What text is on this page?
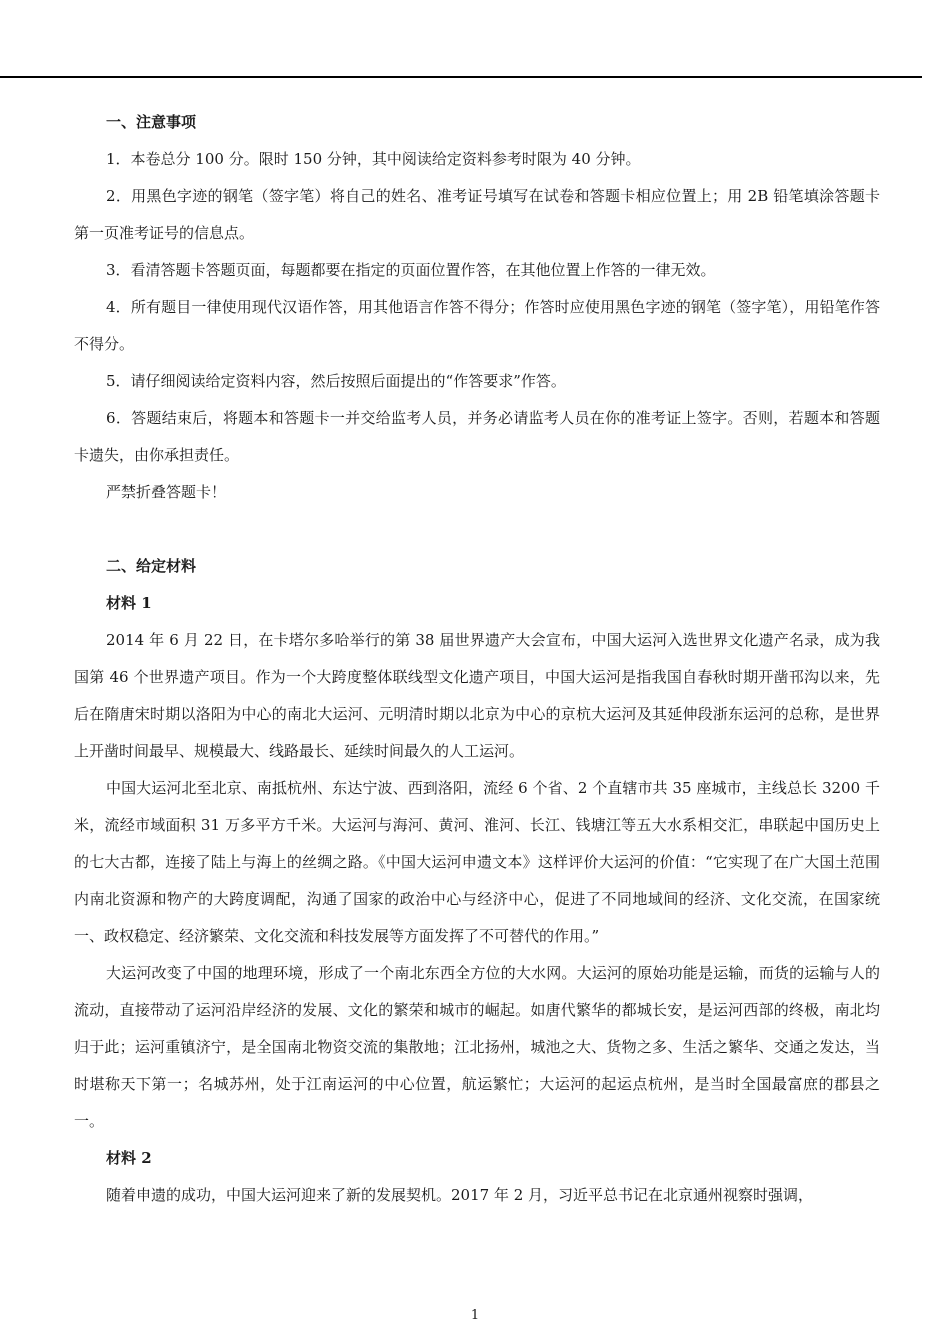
一、注意事项

1．本卷总分 100 分。限时 150 分钟，其中阅读给定资料参考时限为 40 分钟。

2．用黑色字迹的钢笔（签字笔）将自己的姓名、准考证号填写在试卷和答题卡相应位置上；用 2B 铅笔填涂答题卡第一页准考证号的信息点。

3．看清答题卡答题页面，每题都要在指定的页面位置作答，在其他位置上作答的一律无效。

4．所有题目一律使用现代汉语作答，用其他语言作答不得分；作答时应使用黑色字迹的钢笔（签字笔），用铅笔作答不得分。

5．请仔细阅读给定资料内容，然后按照后面提出的“作答要求”作答。

6．答题结束后，将题本和答题卡一并交给监考人员，并务必请监考人员在你的准考证上签字。否则，若题本和答题卡遗失，由你承担责任。

严禁折叠答题卡！

二、给定材料

材料 1

2014 年 6 月 22 日，在卡塔尔多哈举行的第 38 届世界遗产大会宣布，中国大运河入选世界文化遗产名录，成为我国第 46 个世界遗产项目。作为一个大跨度整体联线型文化遗产项目，中国大运河是指我国自春秋时期开凿邗沟以来，先后在隋唐宋时期以洛阳为中心的南北大运河、元明清时期以北京为中心的京杭大运河及其延伸段浙东运河的总称，是世界上开凿时间最早、规模最大、线路最长、延续时间最久的人工运河。

中国大运河北至北京、南抵杭州、东达宁波、西到洛阳，流经 6 个省、2 个直辖市共 35 座城市，主线总长 3200 千米，流经市域面积 31 万多平方千米。大运河与海河、黄河、淮河、长江、钱塘江等五大水系相交汇，串联起中国历史上的七大古都，连接了陆上与海上的丝绸之路。《中国大运河申遗文本》这样评价大运河的价值：“它实现了在广大国土范围内南北资源和物产的大跨度调配，沟通了国家的政治中心与经济中心，促进了不同地域间的经济、文化交流，在国家统一、政权稳定、经济繁荣、文化交流和科技发展等方面发挥了不可替代的作用。”

大运河改变了中国的地理环境，形成了一个南北东西全方位的大水网。大运河的原始功能是运输，而货的运输与人的流动，直接带动了运河沿岸经济的发展、文化的繁荣和城市的崛起。如唐代繁华的都城长安，是运河西部的终极，南北均归于此；运河重镇济宁，是全国南北物资交流的集散地；江北扬州，城池之大、货物之多、生活之繁华、交通之发达，当时堪称天下第一；名城苏州，处于江南运河的中心位置，航运繁忙；大运河的起运点杭州，是当时全国最富庶的郡县之一。

材料 2

随着申遗的成功，中国大运河迎来了新的发展契机。2017 年 2 月，习近平总书记在北京通州视察时强调，

1
